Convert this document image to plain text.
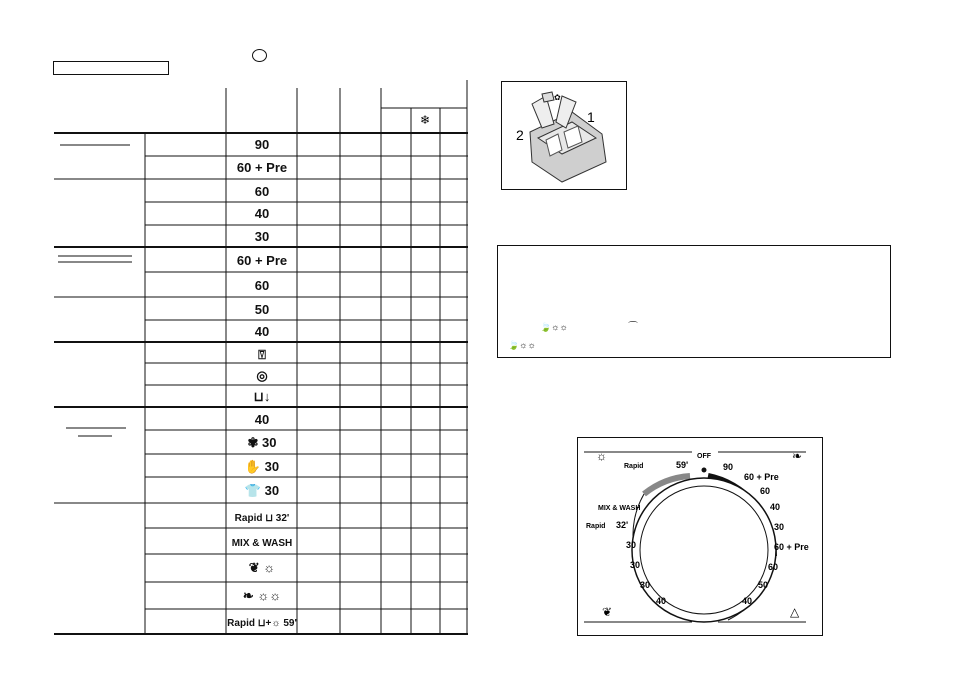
❄
90
60 + Pre
60
40
30
60 + Pre
60
50
40
⍔
◎
⊔↓
40
✾ 30
✋ 30
👕 30
Rapid ⊔ 32'
MIX & WASH
❦ ☼
❧ ☼☼
Rapid ⊔+☼ 59'
✿
1
2
🍃☼☼	⌒
🍃☼☼
OFF
90
60 + Pre
60
40
30
60 + Pre
60
50
40
Rapid	59'
MIX & WASH
Rapid 32'
30
30
30
40
☼	❧
❦	△
